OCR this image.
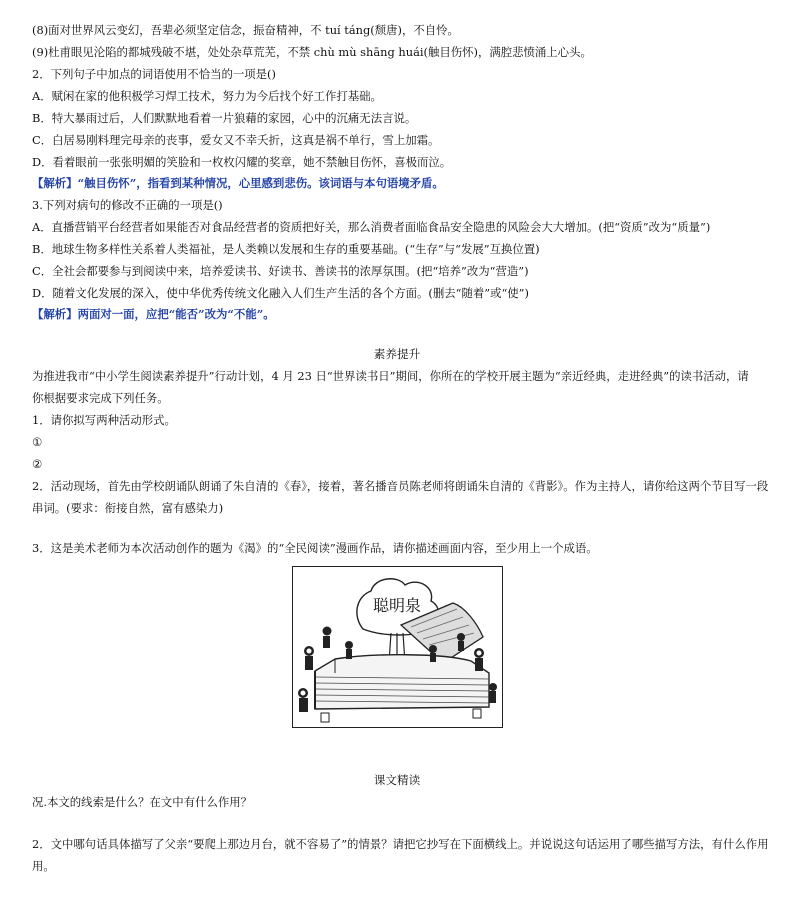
(8)面对世界风云变幻，吾辈必须坚定信念，振奋精神，不 tuí táng(颓唐)，不自怜。
(9)杜甫眼见沦陷的都城残破不堪，处处杂草荒芜，不禁 chù mù shāng huái(触目伤怀)，满腔悲愤涌上心头。
2．下列句子中加点的词语使用不恰当的一项是()
A．赋闲在家的他积极学习焊工技术，努力为今后找个好工作打基础。
B．特大暴雨过后，人们默默地看着一片狼藉的家园，心中的沉痛无法言说。
C．白居易刚料理完母亲的丧事，爱女又不幸夭折，这真是祸不单行，雪上加霜。
D．看着眼前一张张明媚的笑脸和一枚枚闪耀的奖章，她不禁触目伤怀，喜极而泣。
【解析】“触目伤怀”，指看到某种情况，心里感到悲伤。该词语与本句语境矛盾。
3.下列对病句的修改不正确的一项是()
A．直播营销平台经营者如果能否对食品经营者的资质把好关，那么消费者面临食品安全隐患的风险会大大增加。(把“资质”改为“质量”)
B．地球生物多样性关系着人类福祉，是人类赖以发展和生存的重要基础。(“生存”与“发展”互换位置)
C．全社会都要参与到阅读中来，培养爱读书、好读书、善读书的浓厚氛围。(把“培养”改为“营造”)
D．随着文化发展的深入，使中华优秀传统文化融入人们生产生活的各个方面。(删去“随着”或“使”)
【解析】两面对一面，应把“能否”改为“不能”。
素养提升
为推进我市“中小学生阅读素养提升”行动计划，4 月 23 日“世界读书日”期间，你所在的学校开展主题为“亲近经典，走进经典”的读书活动，请
你根据要求完成下列任务。
1．请你拟写两种活动形式。
①
②
2．活动现场，首先由学校朗诵队朗诵了朱自清的《春》，接着，著名播音员陈老师将朗诵朱自清的《背影》。作为主持人，请你给这两个节目写一段
串词。(要求：衔接自然，富有感染力)
3．这是美术老师为本次活动创作的题为《渴》的“全民阅读”漫画作品，请你描述画面内容，至少用上一个成语。
聪明泉
课文精读
况.本文的线索是什么？在文中有什么作用？
2．文中哪句话具体描写了父亲“要爬上那边月台，就不容易了”的情景？请把它抄写在下面横线上。并说说这句话运用了哪些描写方法，有什么作用
用。
